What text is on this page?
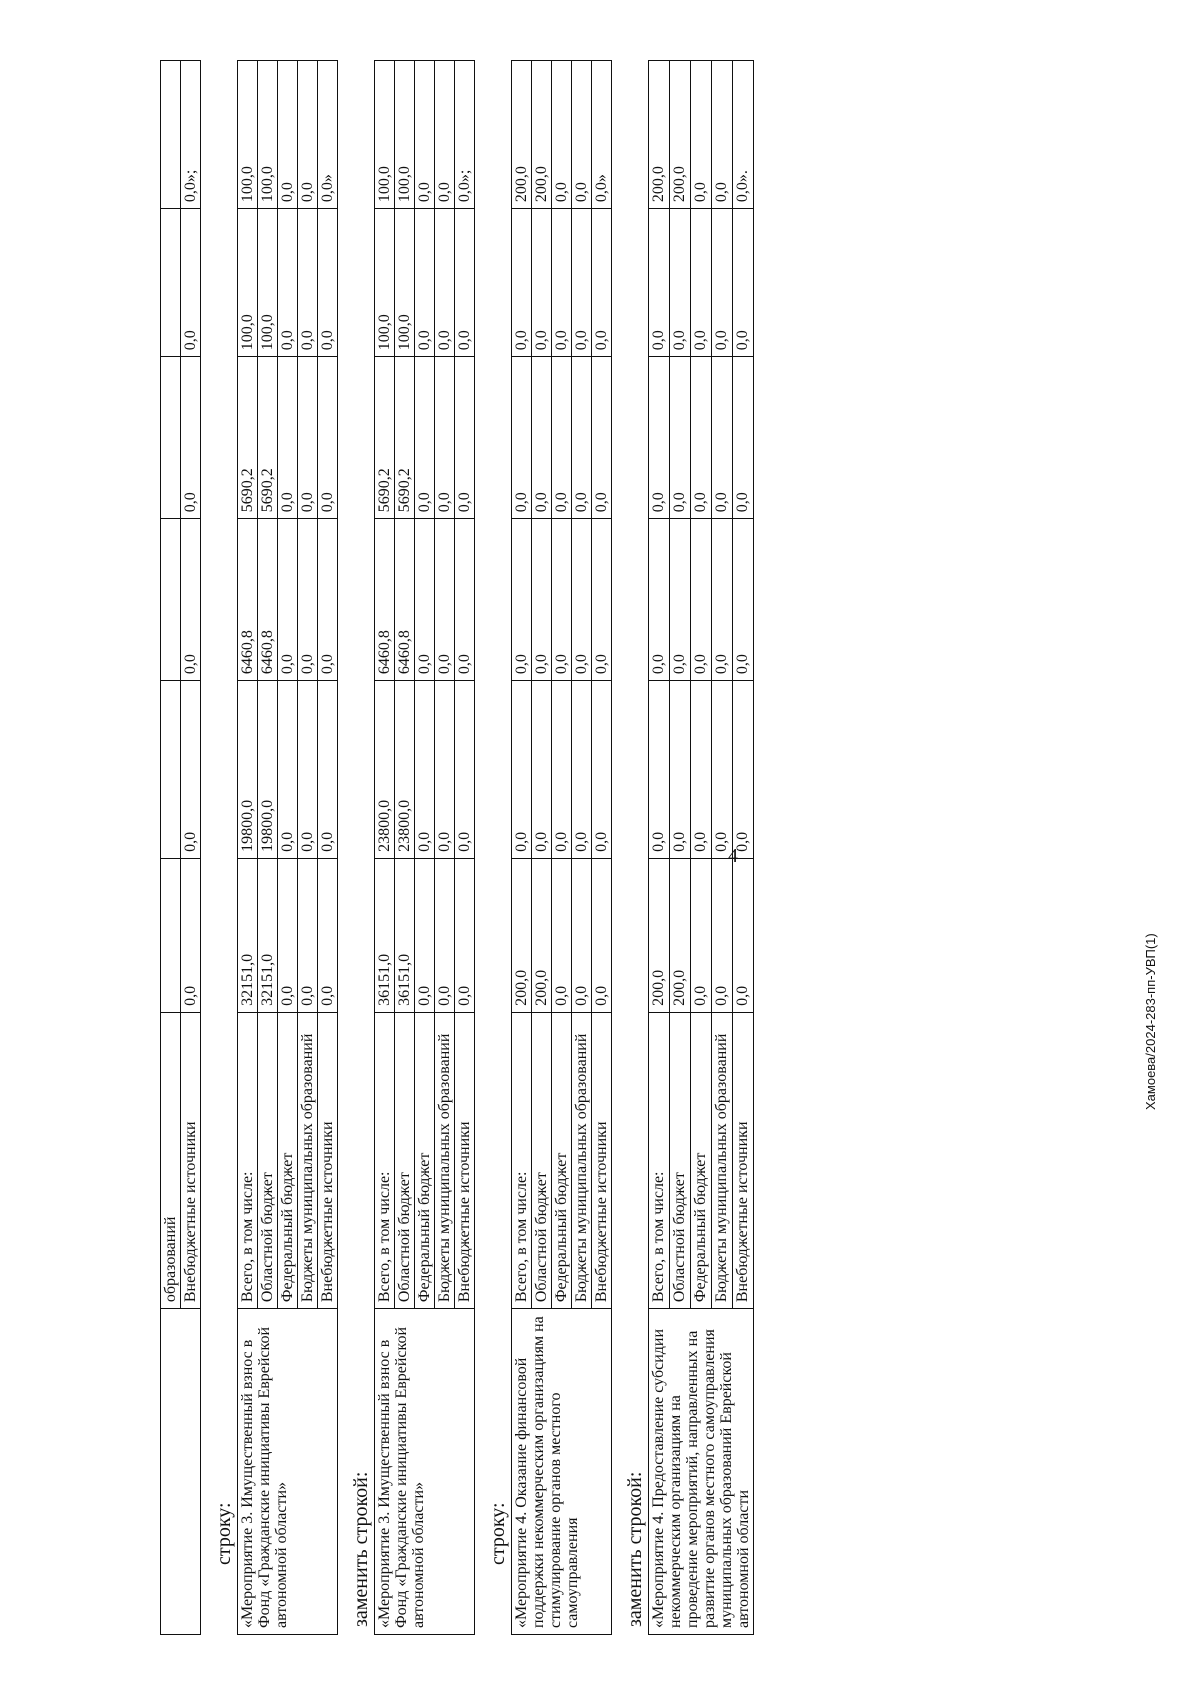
4
Хамоева/2024-283-пп-УВП(1)
	образований						
	Внебюджетные источники	0,0	0,0	0,0	0,0	0,0	0,0»;
строку: «Мероприятие 3. Имущественный взнос в Фонд «Гражданские инициативы Еврейской автономной области»	Всего, в том числе:	32151,0	19800,0	6460,8	5690,2	100,0	100,0
	Областной бюджет	32151,0	19800,0	6460,8	5690,2	100,0	100,0
	Федеральный бюджет	0,0	0,0	0,0	0,0	0,0	0,0
	Бюджеты муниципальных образований	0,0	0,0	0,0	0,0	0,0	0,0
	Внебюджетные источники	0,0	0,0	0,0	0,0	0,0	0,0»
заменить строкой: «Мероприятие 3. Имущественный взнос в Фонд «Гражданские инициативы Еврейской автономной области»	Всего, в том числе:	36151,0	23800,0	6460,8	5690,2	100,0	100,0
	Областной бюджет	36151,0	23800,0	6460,8	5690,2	100,0	100,0
	Федеральный бюджет	0,0	0,0	0,0	0,0	0,0	0,0
	Бюджеты муниципальных образований	0,0	0,0	0,0	0,0	0,0	0,0
	Внебюджетные источники	0,0	0,0	0,0	0,0	0,0	0,0»;
строку: «Мероприятие 4. Оказание финансовой поддержки некоммерческим организациям на стимулирование органов местного самоуправления	Всего, в том числе:	200,0	0,0	0,0	0,0	0,0	200,0
	Областной бюджет	200,0	0,0	0,0	0,0	0,0	200,0
	Федеральный бюджет	0,0	0,0	0,0	0,0	0,0	0,0
	Бюджеты муниципальных образований	0,0	0,0	0,0	0,0	0,0	0,0
	Внебюджетные источники	0,0	0,0	0,0	0,0	0,0	0,0»
заменить строкой: «Мероприятие 4. Предоставление субсидии некоммерческим организациям на проведение мероприятий, направленных на развитие органов местного самоуправления муниципальных образований Еврейской автономной области	Всего, в том числе:	200,0	0,0	0,0	0,0	0,0	200,0
	Областной бюджет	200,0	0,0	0,0	0,0	0,0	200,0
	Федеральный бюджет	0,0	0,0	0,0	0,0	0,0	0,0
	Бюджеты муниципальных образований	0,0	0,0	0,0	0,0	0,0	0,0
	Внебюджетные источники	0,0	0,0	0,0	0,0	0,0	0,0».
